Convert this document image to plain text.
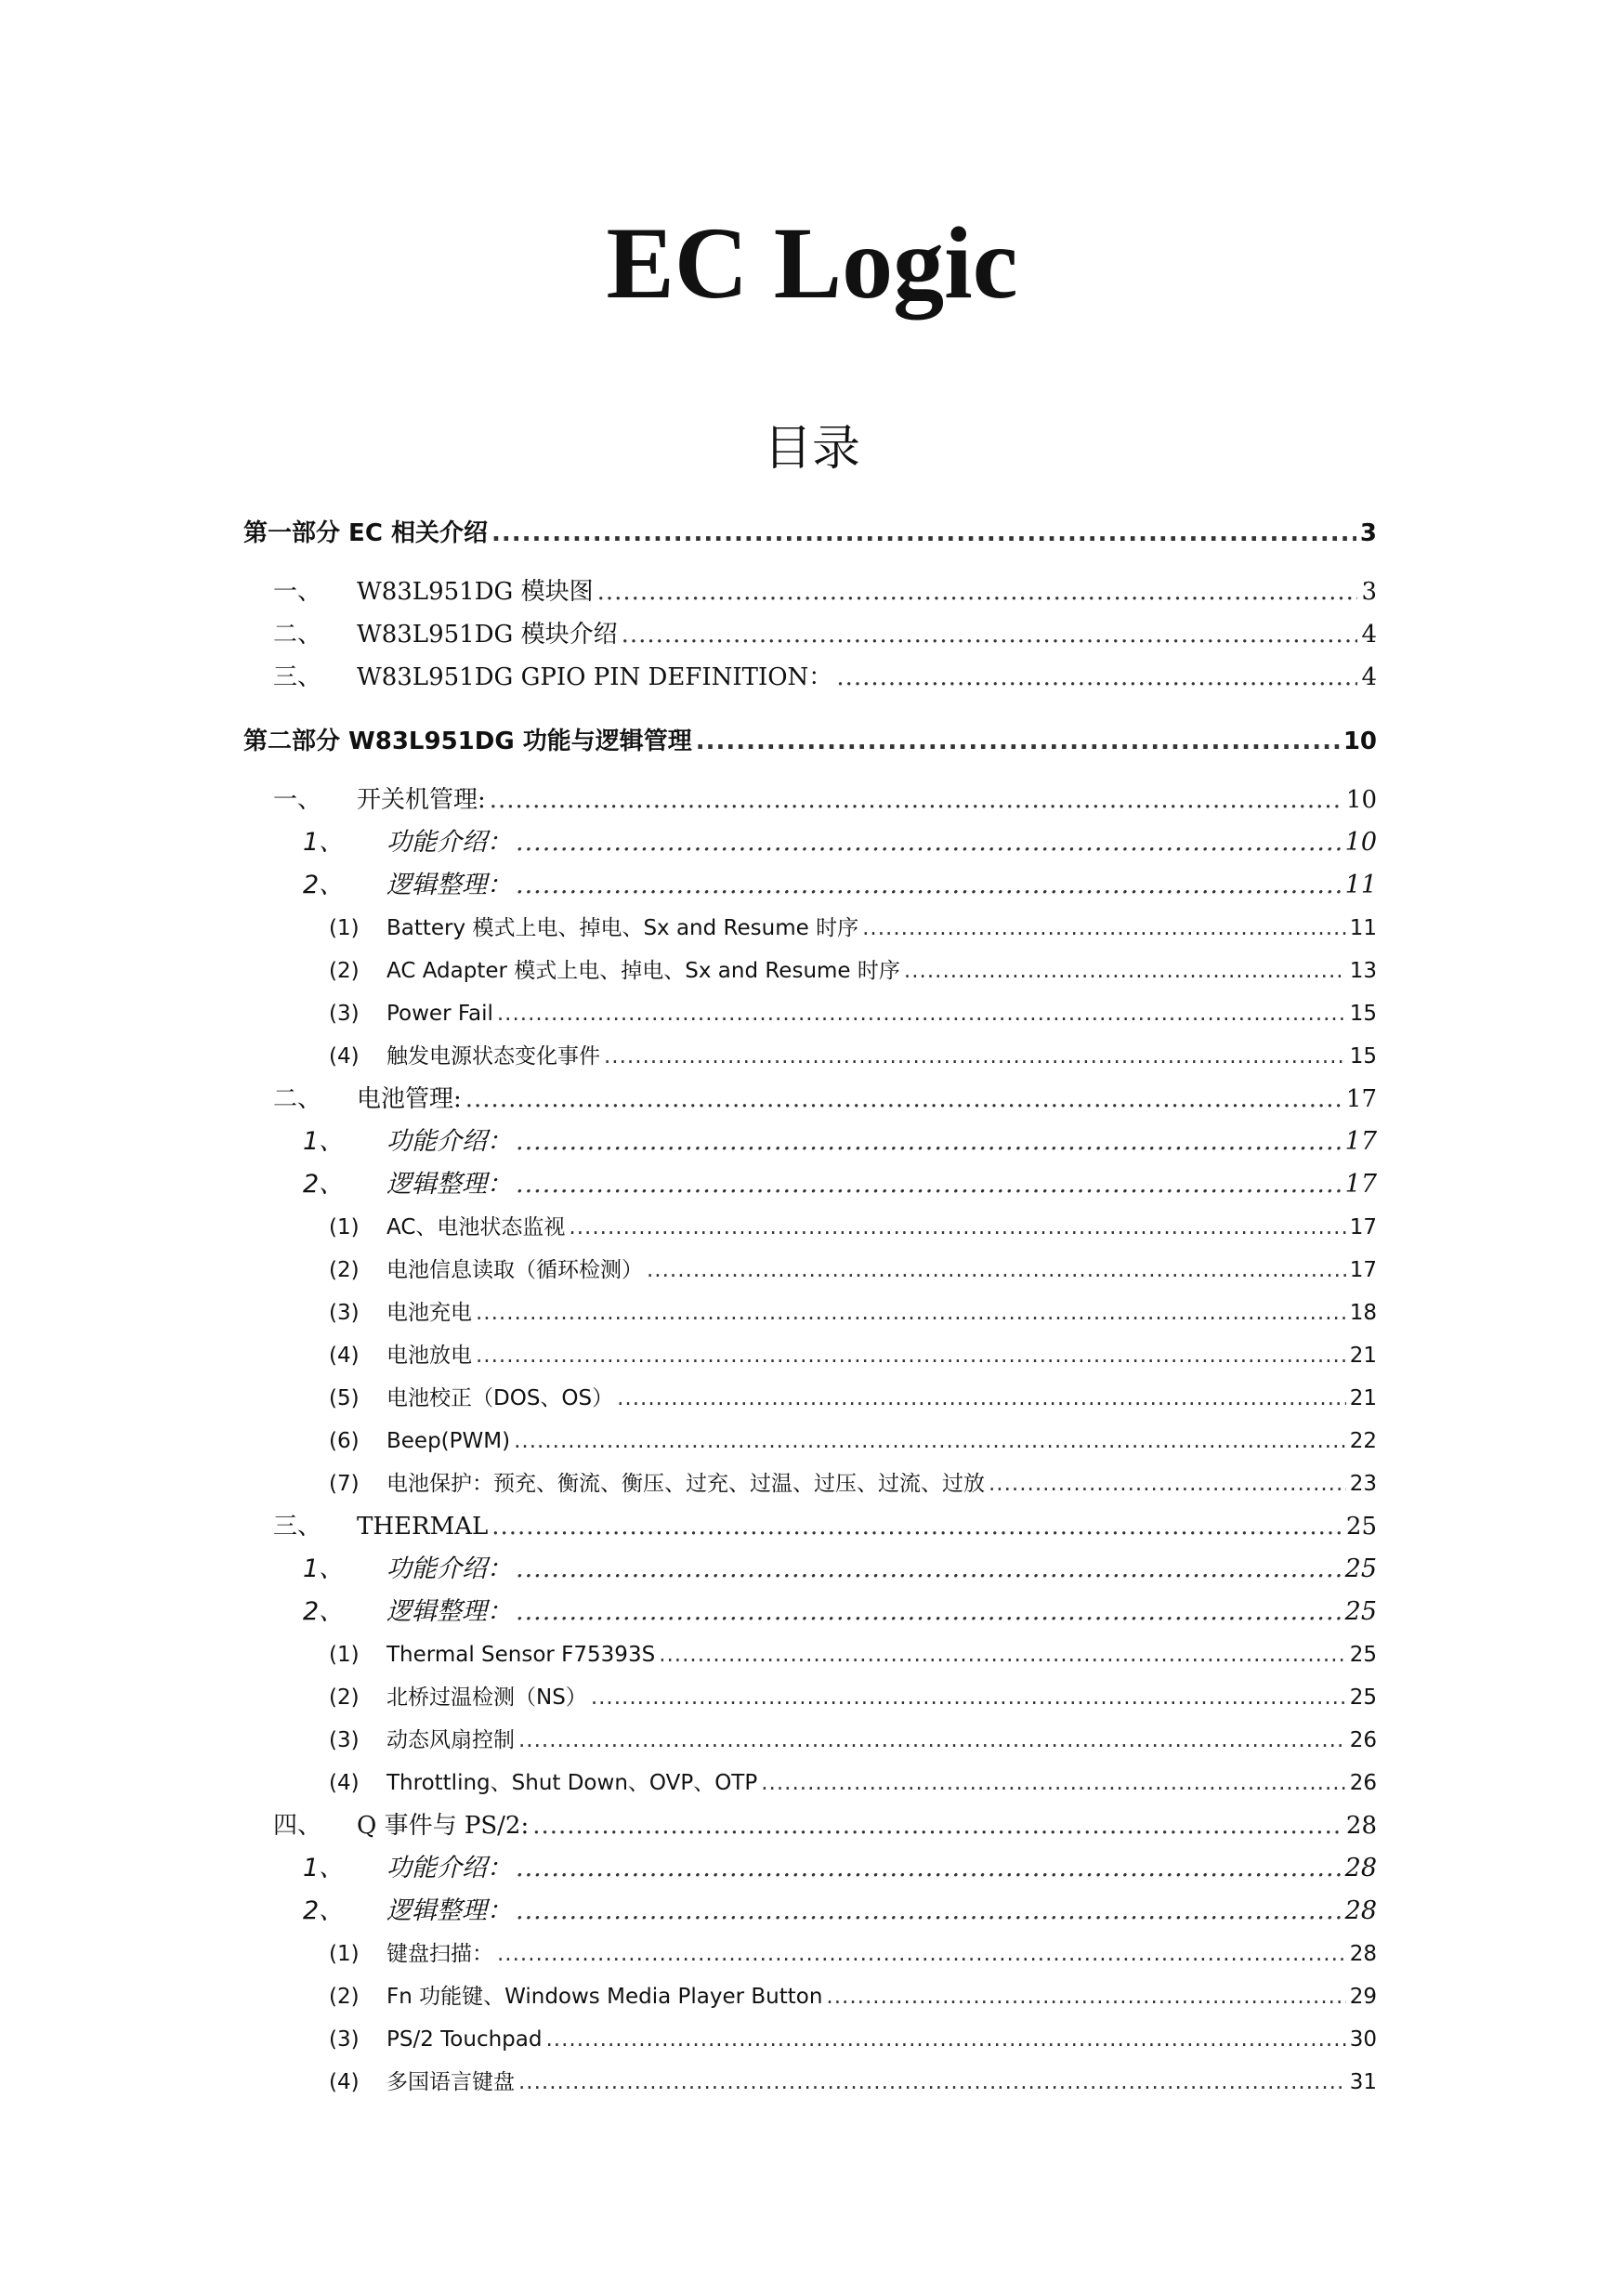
EC Logic
目录
第一部分 EC 相关介绍 .....	3
一、	W83L951DG 模块图 .....	3
二、	W83L951DG 模块介绍 .....	4
三、	W83L951DG GPIO PIN DEFINITION： .....	4
第二部分 W83L951DG 功能与逻辑管理 .....	10
一、	开关机管理: .....	10
1、	功能介绍： .....	10
2、	逻辑整理： .....	11
(1)	Battery 模式上电、掉电、Sx and Resume 时序 .....	11
(2)	AC Adapter 模式上电、掉电、Sx and Resume 时序 .....	13
(3)	Power Fail .....	15
(4)	触发电源状态变化事件 .....	15
二、	电池管理: .....	17
1、	功能介绍： .....	17
2、	逻辑整理： .....	17
(1)	AC、电池状态监视 .....	17
(2)	电池信息读取（循环检测） .....	17
(3)	电池充电 .....	18
(4)	电池放电 .....	21
(5)	电池校正（DOS、OS） .....	21
(6)	Beep(PWM) .....	22
(7)	电池保护：预充、衡流、衡压、过充、过温、过压、过流、过放 .....	23
三、	THERMAL .....	25
1、	功能介绍： .....	25
2、	逻辑整理： .....	25
(1)	Thermal Sensor F75393S .....	25
(2)	北桥过温检测（NS） .....	25
(3)	动态风扇控制 .....	26
(4)	Throttling、Shut Down、OVP、OTP .....	26
四、	Q 事件与 PS/2: .....	28
1、	功能介绍： .....	28
2、	逻辑整理： .....	28
(1)	键盘扫描： .....	28
(2)	Fn 功能键、Windows Media Player Button .....	29
(3)	PS/2 Touchpad .....	30
(4)	多国语言键盘 .....	31
